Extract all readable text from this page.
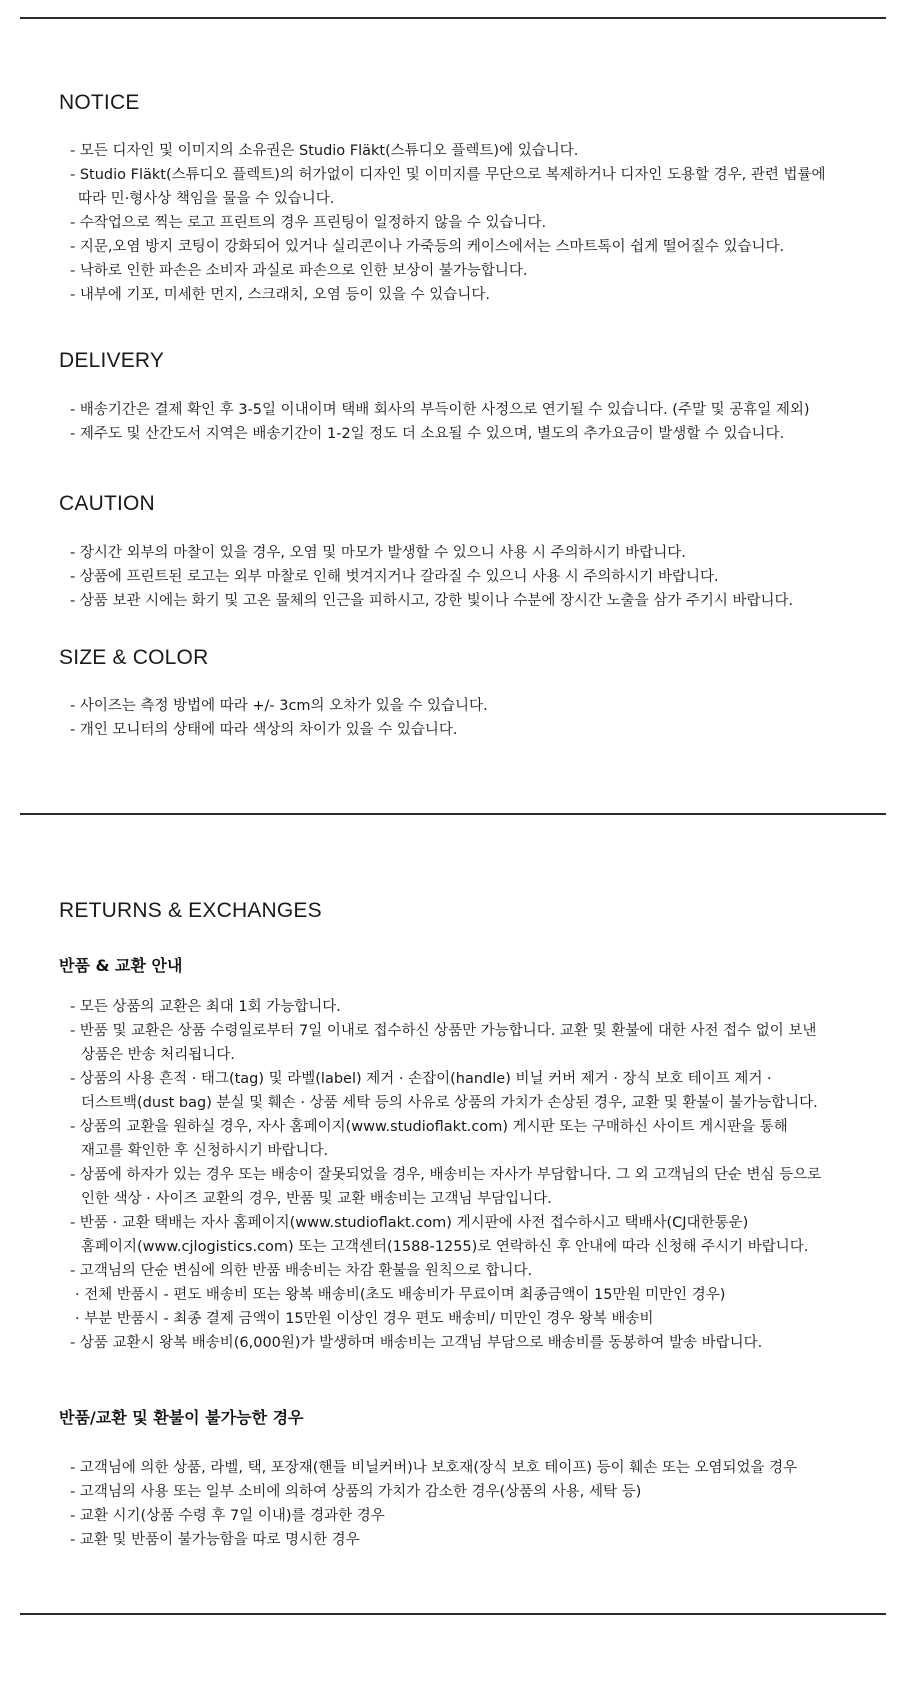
NOTICE
- 모든 디자인 및 이미지의 소유권은 Studio Fläkt(스튜디오 플렉트)에 있습니다.
- Studio Fläkt(스튜디오 플렉트)의 허가없이 디자인 및 이미지를 무단으로 복제하거나 디자인 도용할 경우, 관련 법률에
따라 민·형사상 책임을 물을 수 있습니다.
- 수작업으로 찍는 로고 프린트의 경우 프린팅이 일정하지 않을 수 있습니다.
- 지문,오염 방지 코팅이 강화되어 있거나 실리콘이나 가죽등의 케이스에서는 스마트톡이 쉽게 떨어질수 있습니다.
- 낙하로 인한 파손은 소비자 과실로 파손으로 인한 보상이 불가능합니다.
- 내부에 기포, 미세한 먼지, 스크래치, 오염 등이 있을 수 있습니다.
DELIVERY
- 배송기간은 결제 확인 후 3-5일 이내이며 택배 회사의 부득이한 사정으로 연기될 수 있습니다. (주말 및 공휴일 제외)
- 제주도 및 산간도서 지역은 배송기간이 1-2일 정도 더 소요될 수 있으며, 별도의 추가요금이 발생할 수 있습니다.
CAUTION
- 장시간 외부의 마찰이 있을 경우, 오염 및 마모가 발생할 수 있으니 사용 시 주의하시기 바랍니다.
- 상품에 프린트된 로고는 외부 마찰로 인해 벗겨지거나 갈라질 수 있으니 사용 시 주의하시기 바랍니다.
- 상품 보관 시에는 화기 및 고온 물체의 인근을 피하시고, 강한 빛이나 수분에 장시간 노출을 삼가 주기시 바랍니다.
SIZE & COLOR
- 사이즈는 측정 방법에 따라 +/- 3cm의 오차가 있을 수 있습니다.
- 개인 모니터의 상태에 따라 색상의 차이가 있을 수 있습니다.
RETURNS & EXCHANGES
반품 & 교환 안내
- 모든 상품의 교환은 최대 1회 가능합니다.
- 반품 및 교환은 상품 수령일로부터 7일 이내로 접수하신 상품만 가능합니다. 교환 및 환불에 대한 사전 접수 없이 보낸
상품은 반송 처리됩니다.
- 상품의 사용 흔적 · 태그(tag) 및 라벨(label) 제거 · 손잡이(handle) 비닐 커버 제거 · 장식 보호 테이프 제거 ·
더스트백(dust bag) 분실 및 훼손 · 상품 세탁 등의 사유로 상품의 가치가 손상된 경우, 교환 및 환불이 불가능합니다.
- 상품의 교환을 원하실 경우, 자사 홈페이지(www.studioflakt.com) 게시판 또는 구매하신 사이트 게시판을 통해
재고를 확인한 후 신청하시기 바랍니다.
- 상품에 하자가 있는 경우 또는 배송이 잘못되었을 경우, 배송비는 자사가 부담합니다. 그 외 고객님의 단순 변심 등으로
인한 색상 · 사이즈 교환의 경우, 반품 및 교환 배송비는 고객님 부담입니다.
- 반품 · 교환 택배는 자사 홈페이지(www.studioflakt.com) 게시판에 사전 접수하시고 택배사(CJ대한통운)
홈페이지(www.cjlogistics.com) 또는 고객센터(1588-1255)로 연락하신 후 안내에 따라 신청해 주시기 바랍니다.
- 고객님의 단순 변심에 의한 반품 배송비는 차감 환불을 원칙으로 합니다.
· 전체 반품시 - 편도 배송비 또는 왕복 배송비(초도 배송비가 무료이며 최종금액이 15만원 미만인 경우)
· 부분 반품시 - 최종 결제 금액이 15만원 이상인 경우 편도 배송비/ 미만인 경우 왕복 배송비
- 상품 교환시 왕복 배송비(6,000원)가 발생하며 배송비는 고객님 부담으로 배송비를 동봉하여 발송 바랍니다.
반품/교환 및 환불이 불가능한 경우
- 고객님에 의한 상품, 라벨, 택, 포장재(핸들 비닐커버)나 보호재(장식 보호 테이프) 등이 훼손 또는 오염되었을 경우
- 고객님의 사용 또는 일부 소비에 의하여 상품의 가치가 감소한 경우(상품의 사용, 세탁 등)
- 교환 시기(상품 수령 후 7일 이내)를 경과한 경우
- 교환 및 반품이 불가능함을 따로 명시한 경우
